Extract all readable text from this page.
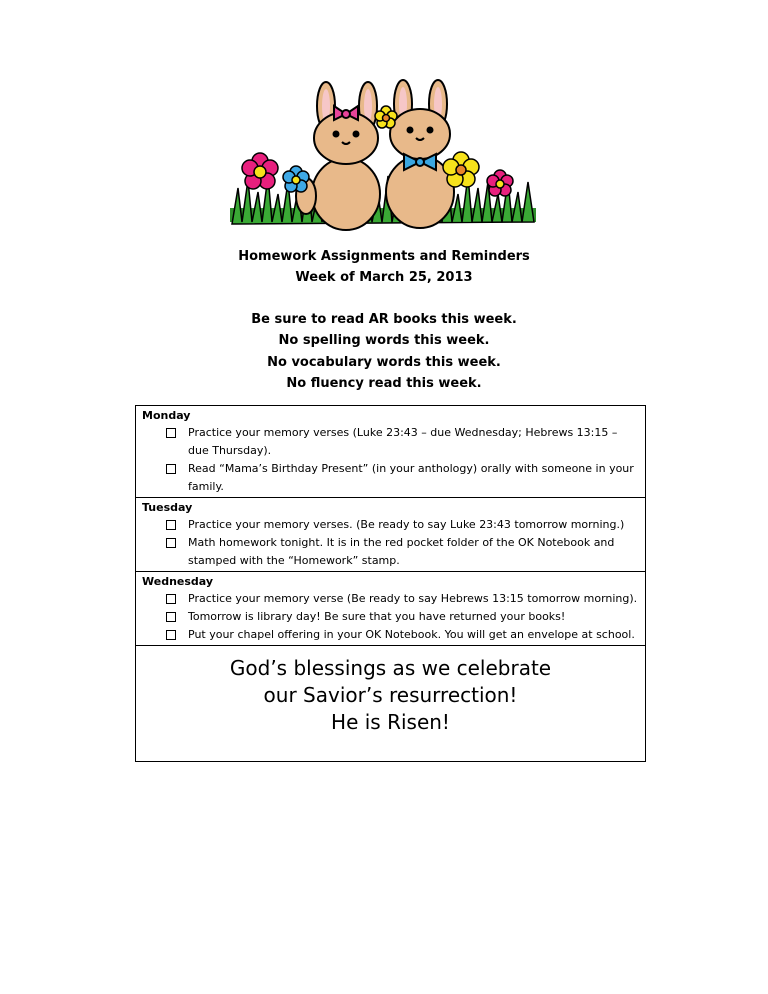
Homework Assignments and Reminders
Week of March 25, 2013
Be sure to read AR books this week.
No spelling words this week.
No vocabulary words this week.
No fluency read this week.
Monday
Practice your memory verses (Luke 23:43 – due Wednesday; Hebrews 13:15 – due Thursday).
Read “Mama’s Birthday Present” (in your anthology) orally with someone in your family.

Tuesday
Practice your memory verses. (Be ready to say Luke 23:43 tomorrow morning.)
Math homework tonight. It is in the red pocket folder of the OK Notebook and stamped with the “Homework” stamp.

Wednesday
Practice your memory verse (Be ready to say Hebrews 13:15 tomorrow morning).
Tomorrow is library day! Be sure that you have returned your books!
Put your chapel offering in your OK Notebook. You will get an envelope at school.

God’s blessings as we celebrate
our Savior’s resurrection!
He is Risen!
